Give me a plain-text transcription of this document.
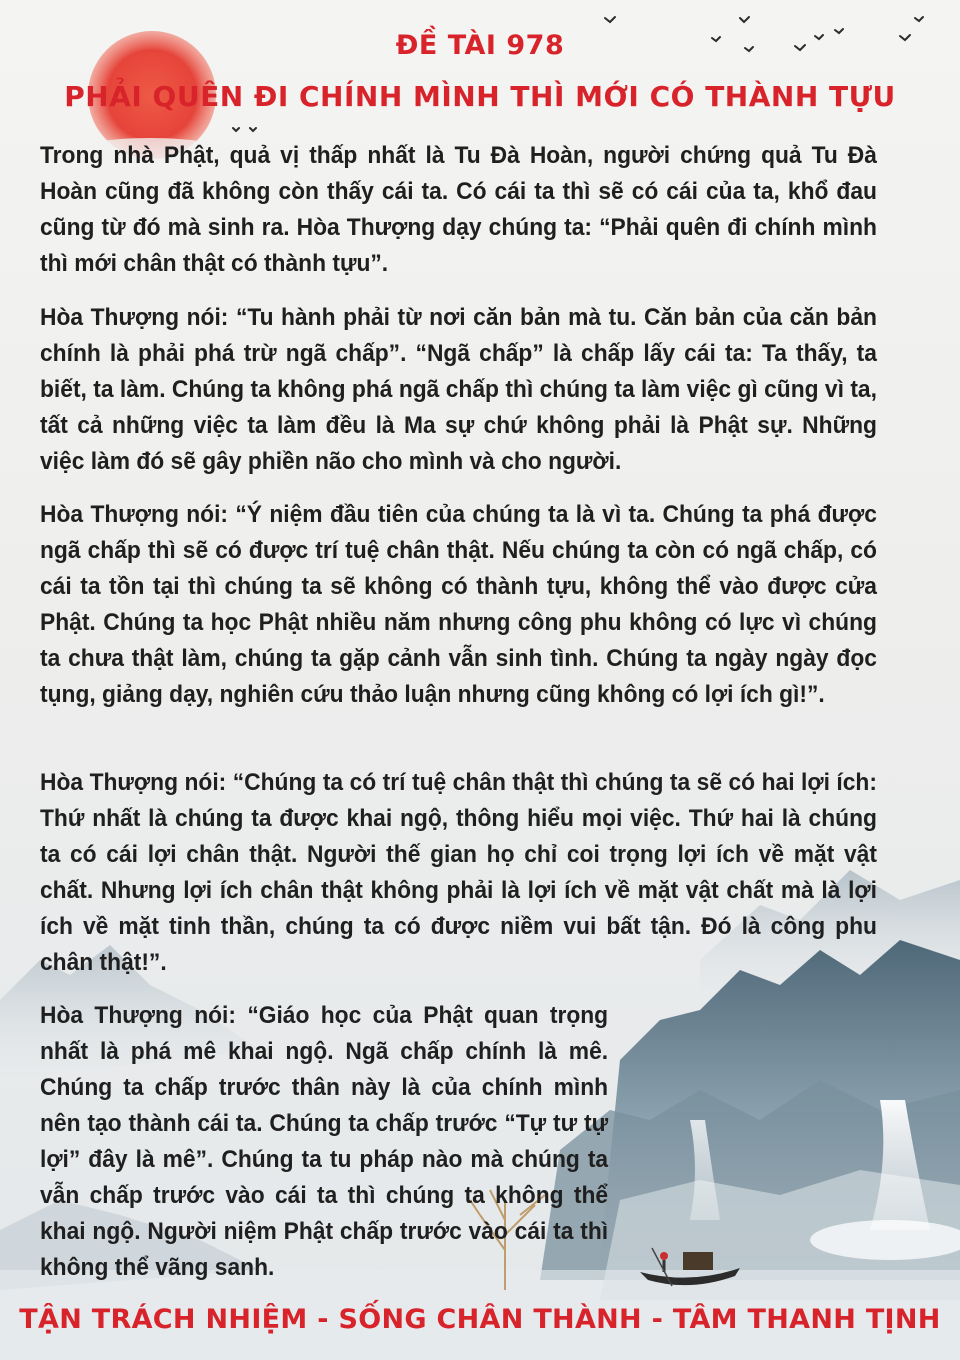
ĐỀ TÀI 978
PHẢI QUÊN ĐI CHÍNH MÌNH THÌ MỚI CÓ THÀNH TỰU

Trong nhà Phật, quả vị thấp nhất là Tu Đà Hoàn, người chứng quả Tu Đà Hoàn cũng đã không còn thấy cái ta. Có cái ta thì sẽ có cái của ta, khổ đau cũng từ đó mà sinh ra. Hòa Thượng dạy chúng ta: “Phải quên đi chính mình thì mới chân thật có thành tựu”.

Hòa Thượng nói: “Tu hành phải từ nơi căn bản mà tu. Căn bản của căn bản chính là phải phá trừ ngã chấp”. “Ngã chấp” là chấp lấy cái ta: Ta thấy, ta biết, ta làm. Chúng ta không phá ngã chấp thì chúng ta làm việc gì cũng vì ta, tất cả những việc ta làm đều là Ma sự chứ không phải là Phật sự. Những việc làm đó sẽ gây phiền não cho mình và cho người.

Hòa Thượng nói: “Ý niệm đầu tiên của chúng ta là vì ta. Chúng ta phá được ngã chấp thì sẽ có được trí tuệ chân thật. Nếu chúng ta còn có ngã chấp, có cái ta tồn tại thì chúng ta sẽ không có thành tựu, không thể vào được cửa Phật. Chúng ta học Phật nhiều năm nhưng công phu không có lực vì chúng ta chưa thật làm, chúng ta gặp cảnh vẫn sinh tình. Chúng ta ngày ngày đọc tụng, giảng dạy, nghiên cứu thảo luận nhưng cũng không có lợi ích gì!”.

Hòa Thượng nói: “Chúng ta có trí tuệ chân thật thì chúng ta sẽ có hai lợi ích: Thứ nhất là chúng ta được khai ngộ, thông hiểu mọi việc. Thứ hai là chúng ta có cái lợi chân thật. Người thế gian họ chỉ coi trọng lợi ích về mặt vật chất. Nhưng lợi ích chân thật không phải là lợi ích về mặt vật chất mà là lợi ích về mặt tinh thần, chúng ta có được niềm vui bất tận. Đó là công phu chân thật!”.

Hòa Thượng nói: “Giáo học của Phật quan trọng nhất là phá mê khai ngộ. Ngã chấp chính là mê. Chúng ta chấp trước thân này là của chính mình nên tạo thành cái ta. Chúng ta chấp trước “Tự tư tự lợi” đây là mê”. Chúng ta tu pháp nào mà chúng ta vẫn chấp trước vào cái ta thì chúng ta không thể khai ngộ. Người niệm Phật chấp trước vào cái ta thì không thể vãng sanh.

TẬN TRÁCH NHIỆM - SỐNG CHÂN THÀNH - TÂM THANH TỊNH
